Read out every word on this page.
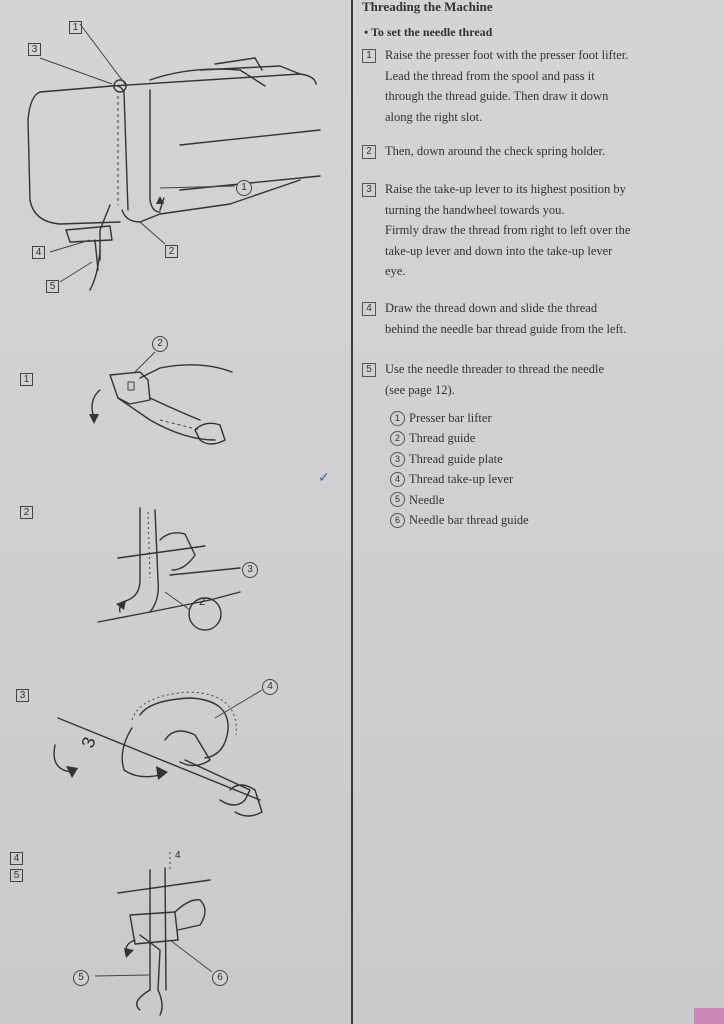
1
3
1
4	2
5
2
1
2
3
2
4
3
3
4
5
4
5	6
✓
Threading the Machine
• To set the needle thread
1	Raise the presser foot with the presser foot lifter.
Lead the thread from the spool and pass it
through the thread guide. Then draw it down
along the right slot.
2	Then, down around the check spring holder.
3	Raise the take-up lever to its highest position by
turning the handwheel towards you.
Firmly draw the thread from right to left over the
take-up lever and down into the take-up lever
eye.
4	Draw the thread down and slide the thread
behind the needle bar thread guide from the left.
5	Use the needle threader to thread the needle
(see page 12).
1 Presser bar lifter
2 Thread guide
3 Thread guide plate
4 Thread take-up lever
5 Needle
6 Needle bar thread guide
